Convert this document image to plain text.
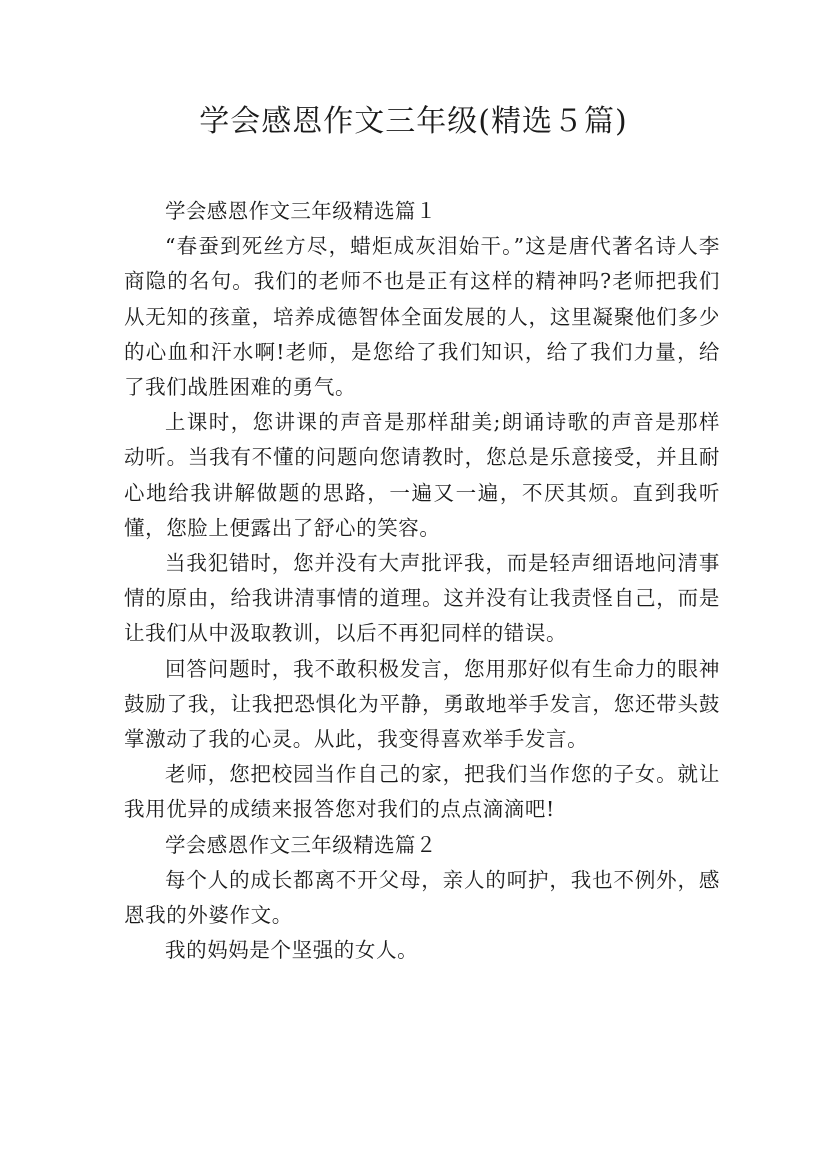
学会感恩作文三年级(精选５篇)

学会感恩作文三年级精选篇１

“春蚕到死丝方尽，蜡炬成灰泪始干。”这是唐代著名诗人李商隐的名句。我们的老师不也是正有这样的精神吗?老师把我们从无知的孩童，培养成德智体全面发展的人，这里凝聚他们多少的心血和汗水啊!老师，是您给了我们知识，给了我们力量，给了我们战胜困难的勇气。

上课时，您讲课的声音是那样甜美;朗诵诗歌的声音是那样动听。当我有不懂的问题向您请教时，您总是乐意接受，并且耐心地给我讲解做题的思路，一遍又一遍，不厌其烦。直到我听懂，您脸上便露出了舒心的笑容。

当我犯错时，您并没有大声批评我，而是轻声细语地问清事情的原由，给我讲清事情的道理。这并没有让我责怪自己，而是让我们从中汲取教训，以后不再犯同样的错误。

回答问题时，我不敢积极发言，您用那好似有生命力的眼神鼓励了我，让我把恐惧化为平静，勇敢地举手发言，您还带头鼓掌激动了我的心灵。从此，我变得喜欢举手发言。

老师，您把校园当作自己的家，把我们当作您的子女。就让我用优异的成绩来报答您对我们的点点滴滴吧!

学会感恩作文三年级精选篇２

每个人的成长都离不开父母，亲人的呵护，我也不例外，感恩我的外婆作文。

我的妈妈是个坚强的女人。
